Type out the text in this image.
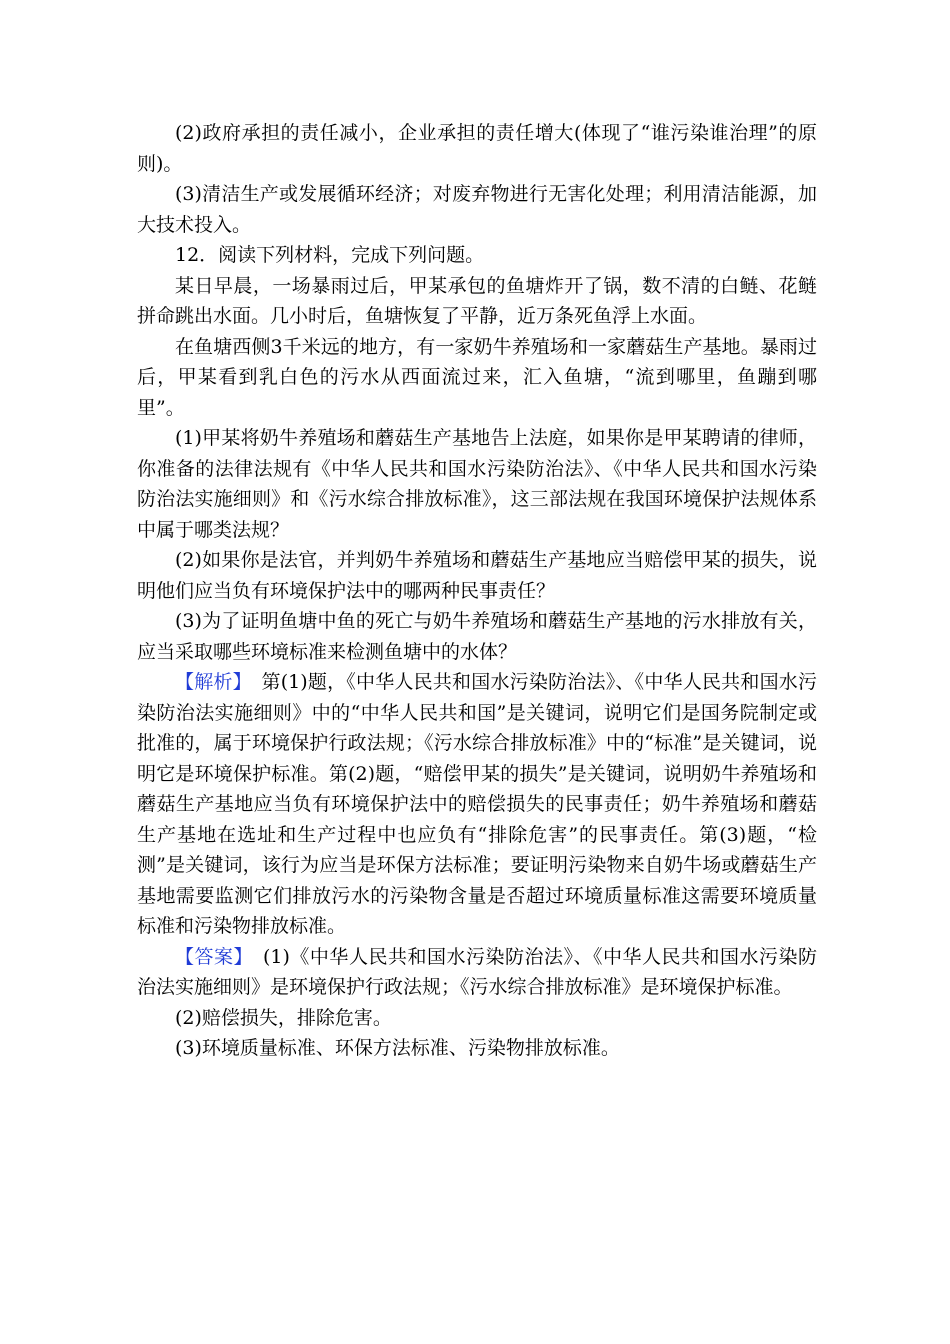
(2)政府承担的责任减小，企业承担的责任增大(体现了“谁污染谁治理”的原则)。

(3)清洁生产或发展循环经济；对废弃物进行无害化处理；利用清洁能源，加大技术投入。

12．阅读下列材料，完成下列问题。

某日早晨，一场暴雨过后，甲某承包的鱼塘炸开了锅，数不清的白鲢、花鲢拼命跳出水面。几小时后，鱼塘恢复了平静，近万条死鱼浮上水面。

在鱼塘西侧3千米远的地方，有一家奶牛养殖场和一家蘑菇生产基地。暴雨过后，甲某看到乳白色的污水从西面流过来，汇入鱼塘，“流到哪里，鱼蹦到哪里”。

(1)甲某将奶牛养殖场和蘑菇生产基地告上法庭，如果你是甲某聘请的律师，你准备的法律法规有《中华人民共和国水污染防治法》、《中华人民共和国水污染防治法实施细则》和《污水综合排放标准》，这三部法规在我国环境保护法规体系中属于哪类法规？

(2)如果你是法官，并判奶牛养殖场和蘑菇生产基地应当赔偿甲某的损失，说明他们应当负有环境保护法中的哪两种民事责任？

(3)为了证明鱼塘中鱼的死亡与奶牛养殖场和蘑菇生产基地的污水排放有关，应当采取哪些环境标准来检测鱼塘中的水体？

【解析】　第(1)题，《中华人民共和国水污染防治法》、《中华人民共和国水污染防治法实施细则》中的“中华人民共和国”是关键词，说明它们是国务院制定或批准的，属于环境保护行政法规；《污水综合排放标准》中的“标准”是关键词，说明它是环境保护标准。第(2)题，“赔偿甲某的损失”是关键词，说明奶牛养殖场和蘑菇生产基地应当负有环境保护法中的赔偿损失的民事责任；奶牛养殖场和蘑菇生产基地在选址和生产过程中也应负有“排除危害”的民事责任。第(3)题，“检测”是关键词，该行为应当是环保方法标准；要证明污染物来自奶牛场或蘑菇生产基地需要监测它们排放污水的污染物含量是否超过环境质量标准这需要环境质量标准和污染物排放标准。

【答案】　(1)《中华人民共和国水污染防治法》、《中华人民共和国水污染防治法实施细则》是环境保护行政法规；《污水综合排放标准》是环境保护标准。

(2)赔偿损失，排除危害。

(3)环境质量标准、环保方法标准、污染物排放标准。
